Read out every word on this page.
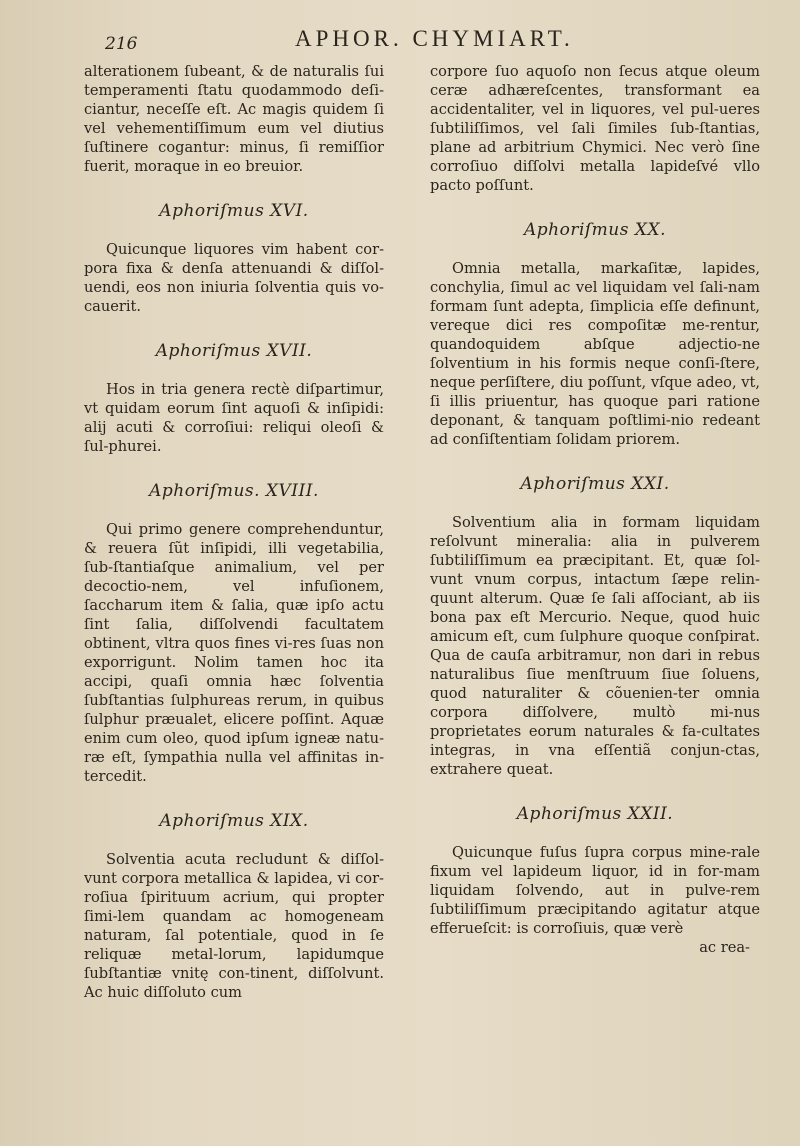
216	APHOR. CHYMIART.

alterationem ſubeant, & de naturalis ſui temperamenti ſtatu quodammodo deſi-ciantur, neceſſe eſt. Ac magis quidem ſi vel vehementiſſimum eum vel diutius ſuſtinere cogantur: minus, ſi remiſſior fuerit, moraque in eo breuior.

Aphoriſmus XVI.

Quicunque liquores vim habent cor-pora fixa & denſa attenuandi & diſſol-uendi, eos non iniuria ſolventia quis vo-cauerit.

Aphoriſmus XVII.

Hos in tria genera rectè diſpartimur, vt quidam eorum ſint aquoſi & inſipidi: alij acuti & corroſiui: reliqui oleoſi & ſul-phurei.

Aphoriſmus. XVIII.

Qui primo genere comprehenduntur, & reuera ſũt inſipidi, illi vegetabilia, ſub-ſtantiaſque animalium, vel per decoctio-nem, vel infuſionem, ſaccharum item & ſalia, quæ ipſo actu ſint ſalia, diſſolvendi facultatem obtinent, vltra quos fines vi-res ſuas non exporrigunt. Nolim tamen hoc ita accipi, quaſi omnia hæc ſolventia ſubſtantias ſulphureas rerum, in quibus ſulphur præualet, elicere poſſint. Aquæ enim cum oleo, quod ipſum igneæ natu-ræ eſt, ſympathia nulla vel affinitas in-tercedit.

Aphoriſmus XIX.

Solventia acuta recludunt & diſſol-vunt corpora metallica & lapidea, vi cor-roſiua ſpirituum acrium, qui propter ſimi-lem quandam ac homogeneam naturam, ſal potentiale, quod in ſe reliquæ metal-lorum, lapidumque ſubſtantiæ vnitę con-tinent, diſſolvunt. Ac huic diſſoluto cum

corpore ſuo aquoſo non ſecus atque oleum ceræ adhæreſcentes, transformant ea accidentaliter, vel in liquores, vel pul-ueres ſubtiliſſimos, vel ſali ſimiles ſub-ſtantias, plane ad arbitrium Chymici. Nec verò ſine corroſiuo diſſolvi metalla lapideſvé vllo pacto poſſunt.

Aphoriſmus XX.

Omnia metalla, markaſitæ, lapides, conchylia, ſimul ac vel liquidam vel ſali-nam formam ſunt adepta, ſimplicia eſſe definunt, vereque dici res compoſitæ me-rentur, quandoquidem abſque adjectio-ne ſolventium in his formis neque conſi-ſtere, neque perſiſtere, diu poſſunt, vſque adeo, vt, ſi illis priuentur, has quoque pari ratione deponant, & tanquam poſtlimi-nio redeant ad conſiſtentiam ſolidam priorem.

Aphoriſmus XXI.

Solventium alia in formam liquidam reſolvunt mineralia: alia in pulverem ſubtiliſſimum ea præcipitant. Et, quæ ſol-vunt vnum corpus, intactum ſæpe relin-quunt alterum. Quæ ſe ſali aſſociant, ab iis bona pax eſt Mercurio. Neque, quod huic amicum eſt, cum ſulphure quoque conſpirat. Qua de cauſa arbitramur, non dari in rebus naturalibus ſiue menſtruum ſiue ſoluens, quod naturaliter & cõuenien-ter omnia corpora diſſolvere, multò mi-nus proprietates eorum naturales & fa-cultates integras, in vna eſſentiã conjun-ctas, extrahere queat.

Aphoriſmus XXII.

Quicunque fuſus ſupra corpus mine-rale fixum vel lapideum liquor, id in for-mam liquidam ſolvendo, aut in pulve-rem ſubtiliſſimum præcipitando agitatur atque efferueſcit: is corroſiuis, quæ verè

ac rea-
